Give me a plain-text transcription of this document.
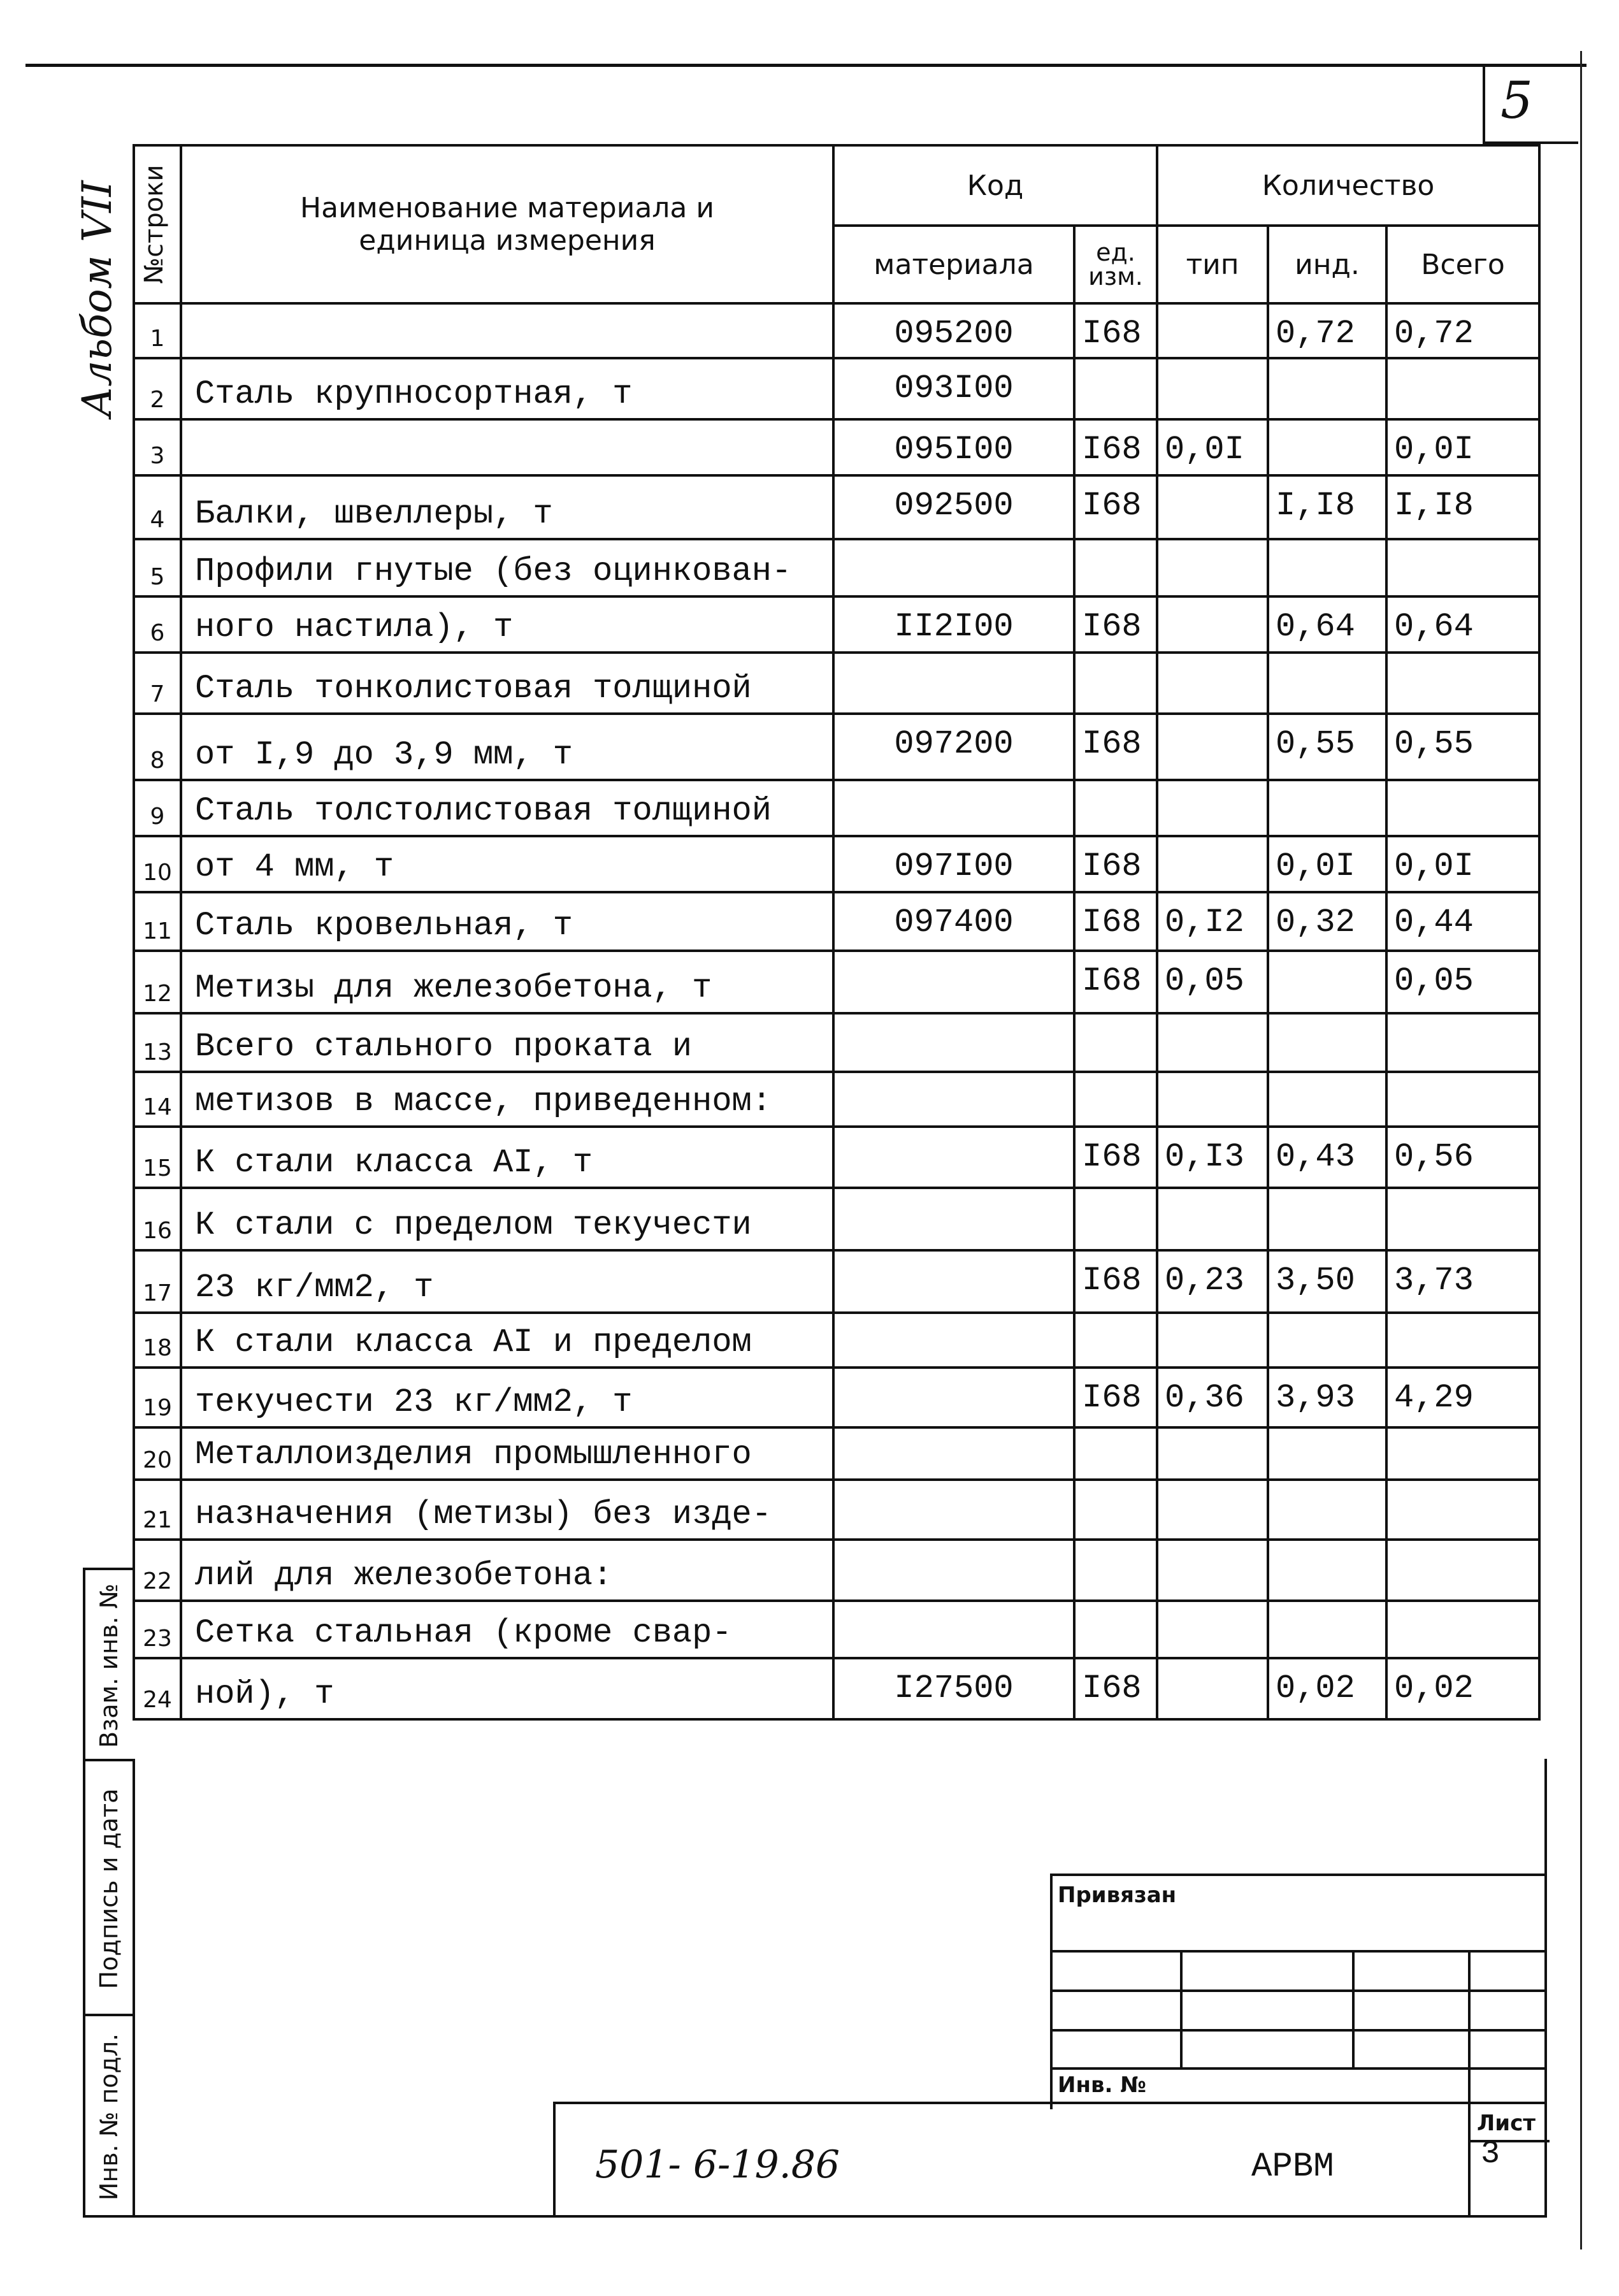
5
Альбом VII №строки	Наименование материала и единица измерения	Код		Количество		
		материала	ед. изм.	тип	инд.	Всего
1		095200	I68		0,72	0,72
2	Сталь крупносортная, т	093I00				
3		095I00	I68	0,0I		0,0I
4	Балки, швеллеры, т	092500	I68		I,I8	I,I8
5	Профили гнутые (без оцинкован-					
6	ного настила), т	II2I00	I68		0,64	0,64
7	Сталь тонколистовая толщиной					
8	от I,9 до 3,9 мм, т	097200	I68		0,55	0,55
9	Сталь толстолистовая толщиной					
10	от 4 мм, т	097I00	I68		0,0I	0,0I
11	Сталь кровельная, т	097400	I68	0,I2	0,32	0,44
12	Метизы для железобетона, т		I68	0,05		0,05
13	Всего стального проката и					
14	метизов в массе, приведенном:					
15	К стали класса AI, т		I68	0,I3	0,43	0,56
16	К стали с пределом текучести					
17	23 кг/мм2, т		I68	0,23	3,50	3,73
18	К стали класса AI и пределом					
19	текучести 23 кг/мм2, т		I68	0,36	3,93	4,29
20	Металлоизделия промышленного					
21	назначения (метизы) без изде-					
22	лий для железобетона:					
23	Сетка стальная (кроме свар-					
24	ной), т	I27500	I68		0,02	0,02
Взам. инв. №
Подпись и дата
Инв. № подл.
Привязан
Инв. №
501- 6-19.86	АРВМ
Лист
3
